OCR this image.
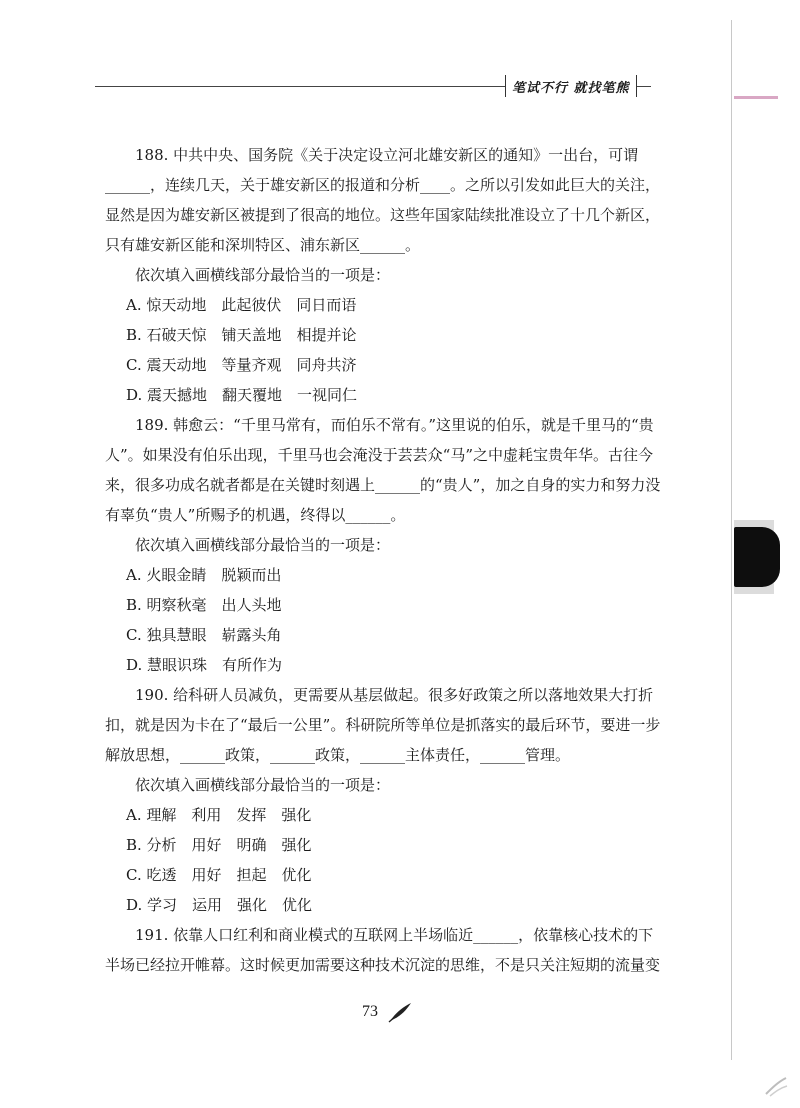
笔试不行 就找笔熊

188. 中共中央、国务院《关于决定设立河北雄安新区的通知》一出台，可谓______，连续几天，关于雄安新区的报道和分析____。之所以引发如此巨大的关注，显然是因为雄安新区被提到了很高的地位。这些年国家陆续批准设立了十几个新区，只有雄安新区能和深圳特区、浦东新区______。

依次填入画横线部分最恰当的一项是：

A. 惊天动地　此起彼伏　同日而语

B. 石破天惊　铺天盖地　相提并论

C. 震天动地　等量齐观　同舟共济

D. 震天撼地　翻天覆地　一视同仁

189. 韩愈云：“千里马常有，而伯乐不常有。”这里说的伯乐，就是千里马的“贵人”。如果没有伯乐出现，千里马也会淹没于芸芸众“马”之中虚耗宝贵年华。古往今来，很多功成名就者都是在关键时刻遇上______的“贵人”，加之自身的实力和努力没有辜负“贵人”所赐予的机遇，终得以______。

依次填入画横线部分最恰当的一项是：

A. 火眼金睛　脱颖而出

B. 明察秋毫　出人头地

C. 独具慧眼　崭露头角

D. 慧眼识珠　有所作为

190. 给科研人员减负，更需要从基层做起。很多好政策之所以落地效果大打折扣，就是因为卡在了“最后一公里”。科研院所等单位是抓落实的最后环节，要进一步解放思想，______政策，______政策，______主体责任，______管理。

依次填入画横线部分最恰当的一项是：

A. 理解　利用　发挥　强化

B. 分析　用好　明确　强化

C. 吃透　用好　担起　优化

D. 学习　运用　强化　优化

191. 依靠人口红利和商业模式的互联网上半场临近______，依靠核心技术的下半场已经拉开帷幕。这时候更加需要这种技术沉淀的思维，不是只关注短期的流量变

73
